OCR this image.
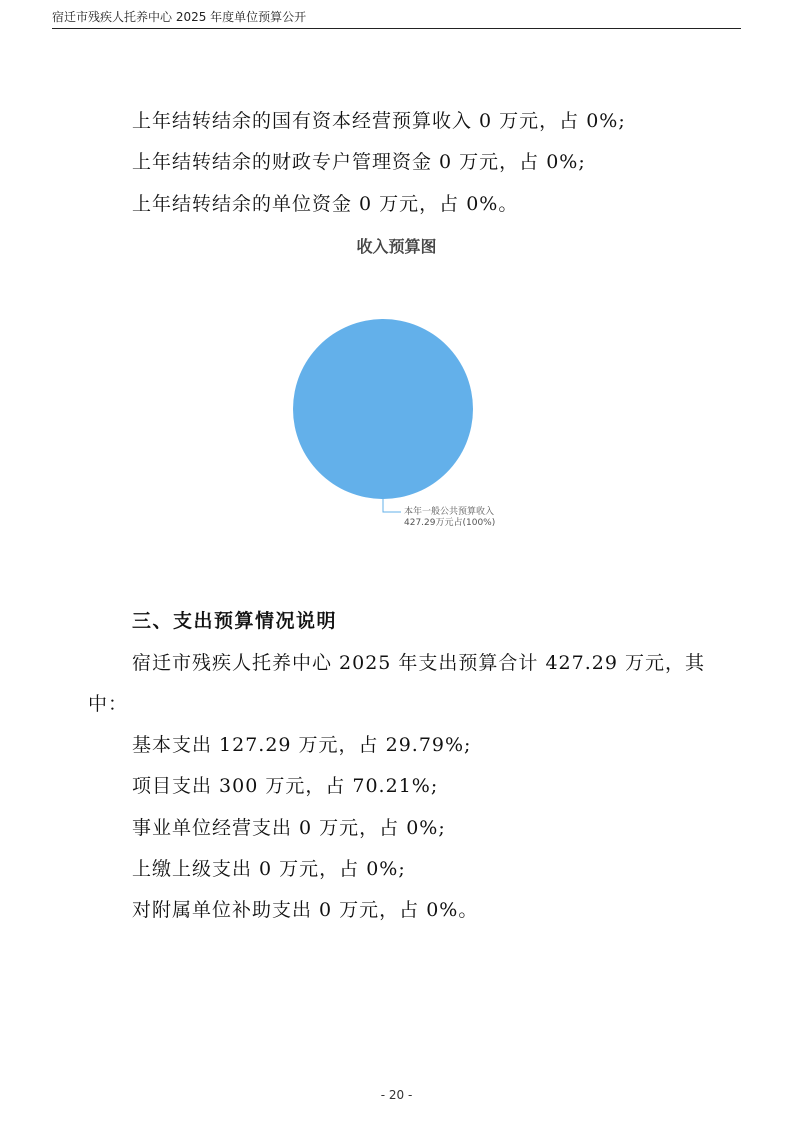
宿迁市残疾人托养中心 2025 年度单位预算公开
上年结转结余的国有资本经营预算收入 0 万元，占 0%;
上年结转结余的财政专户管理资金 0 万元，占 0%;
上年结转结余的单位资金 0 万元，占 0%。
收入预算图
本年一般公共预算收入
427.29万元占(100%)
三、支出预算情况说明
宿迁市残疾人托养中心 2025 年支出预算合计 427.29 万元，其
中：
基本支出 127.29 万元，占 29.79%;
项目支出 300 万元，占 70.21%;
事业单位经营支出 0 万元，占 0%;
上缴上级支出 0 万元，占 0%;
对附属单位补助支出 0 万元，占 0%。
- 20 -
